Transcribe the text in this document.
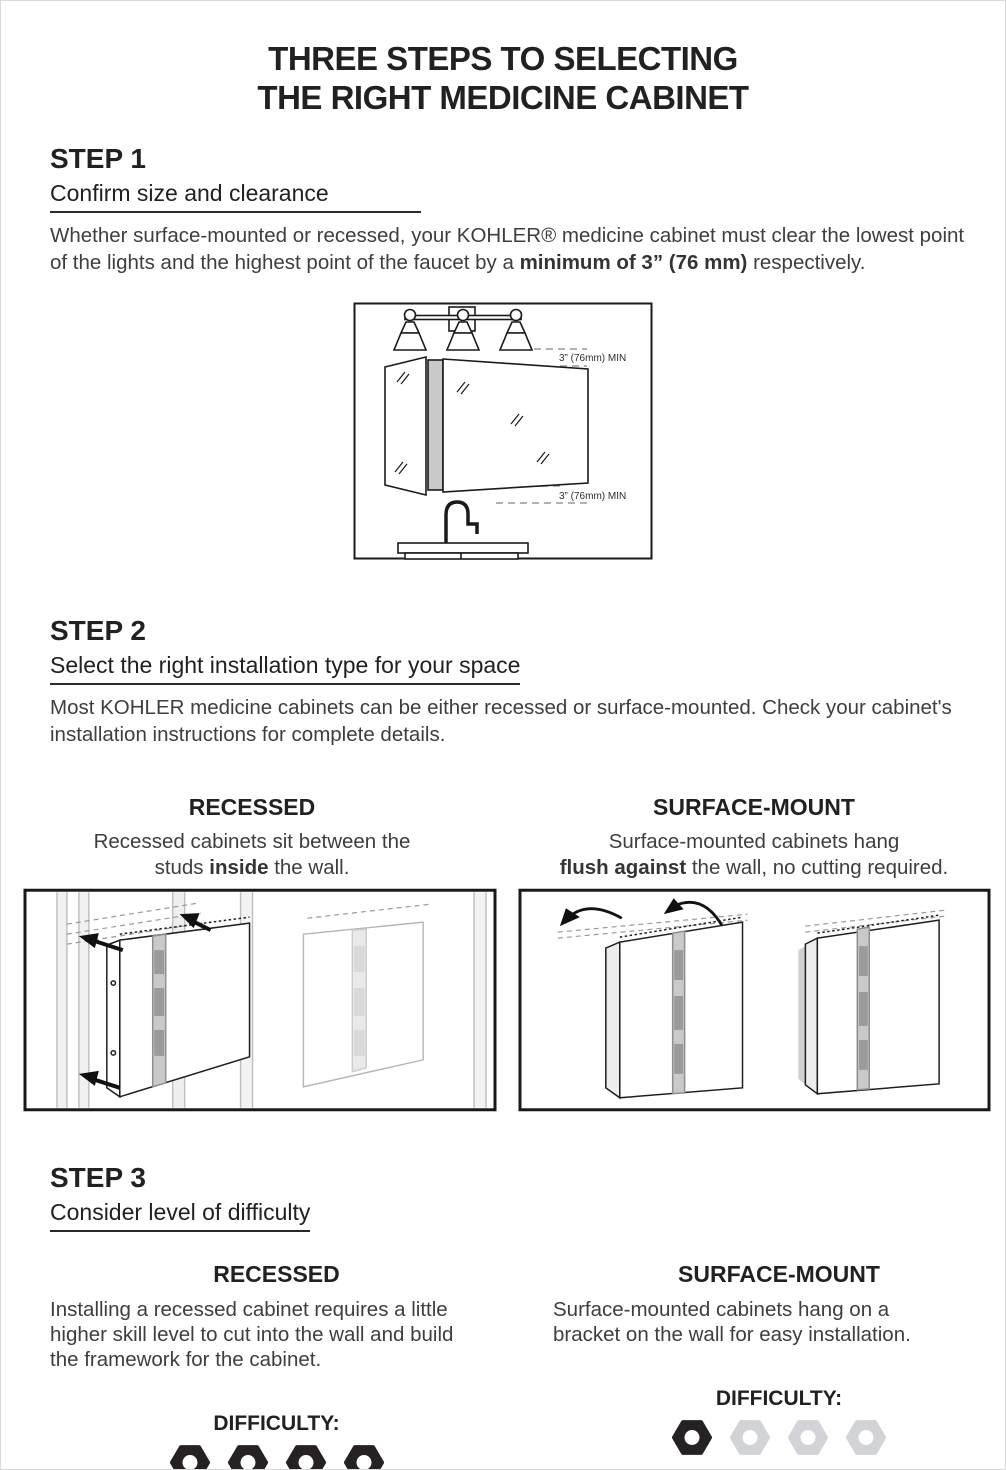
THREE STEPS TO SELECTING
THE RIGHT MEDICINE CABINET
STEP 1
Confirm size and clearance

Whether surface-mounted or recessed, your KOHLER® medicine cabinet must clear the lowest point of the lights and the highest point of the faucet by a minimum of 3” (76 mm) respectively.

3” (76mm) MIN
3” (76mm) MIN
STEP 2
Select the right installation type for your space

Most KOHLER medicine cabinets can be either recessed or surface-mounted. Check your cabinet's installation instructions for complete details.

RECESSED
Recessed cabinets sit between the
studs inside the wall.
SURFACE-MOUNT
Surface-mounted cabinets hang
flush against the wall, no cutting required.
STEP 3
Consider level of difficulty
RECESSED
Installing a recessed cabinet requires a little
higher skill level to cut into the wall and build
the framework for the cabinet.
DIFFICULTY:
SURFACE-MOUNT
Surface-mounted cabinets hang on a
bracket on the wall for easy installation.
DIFFICULTY:
